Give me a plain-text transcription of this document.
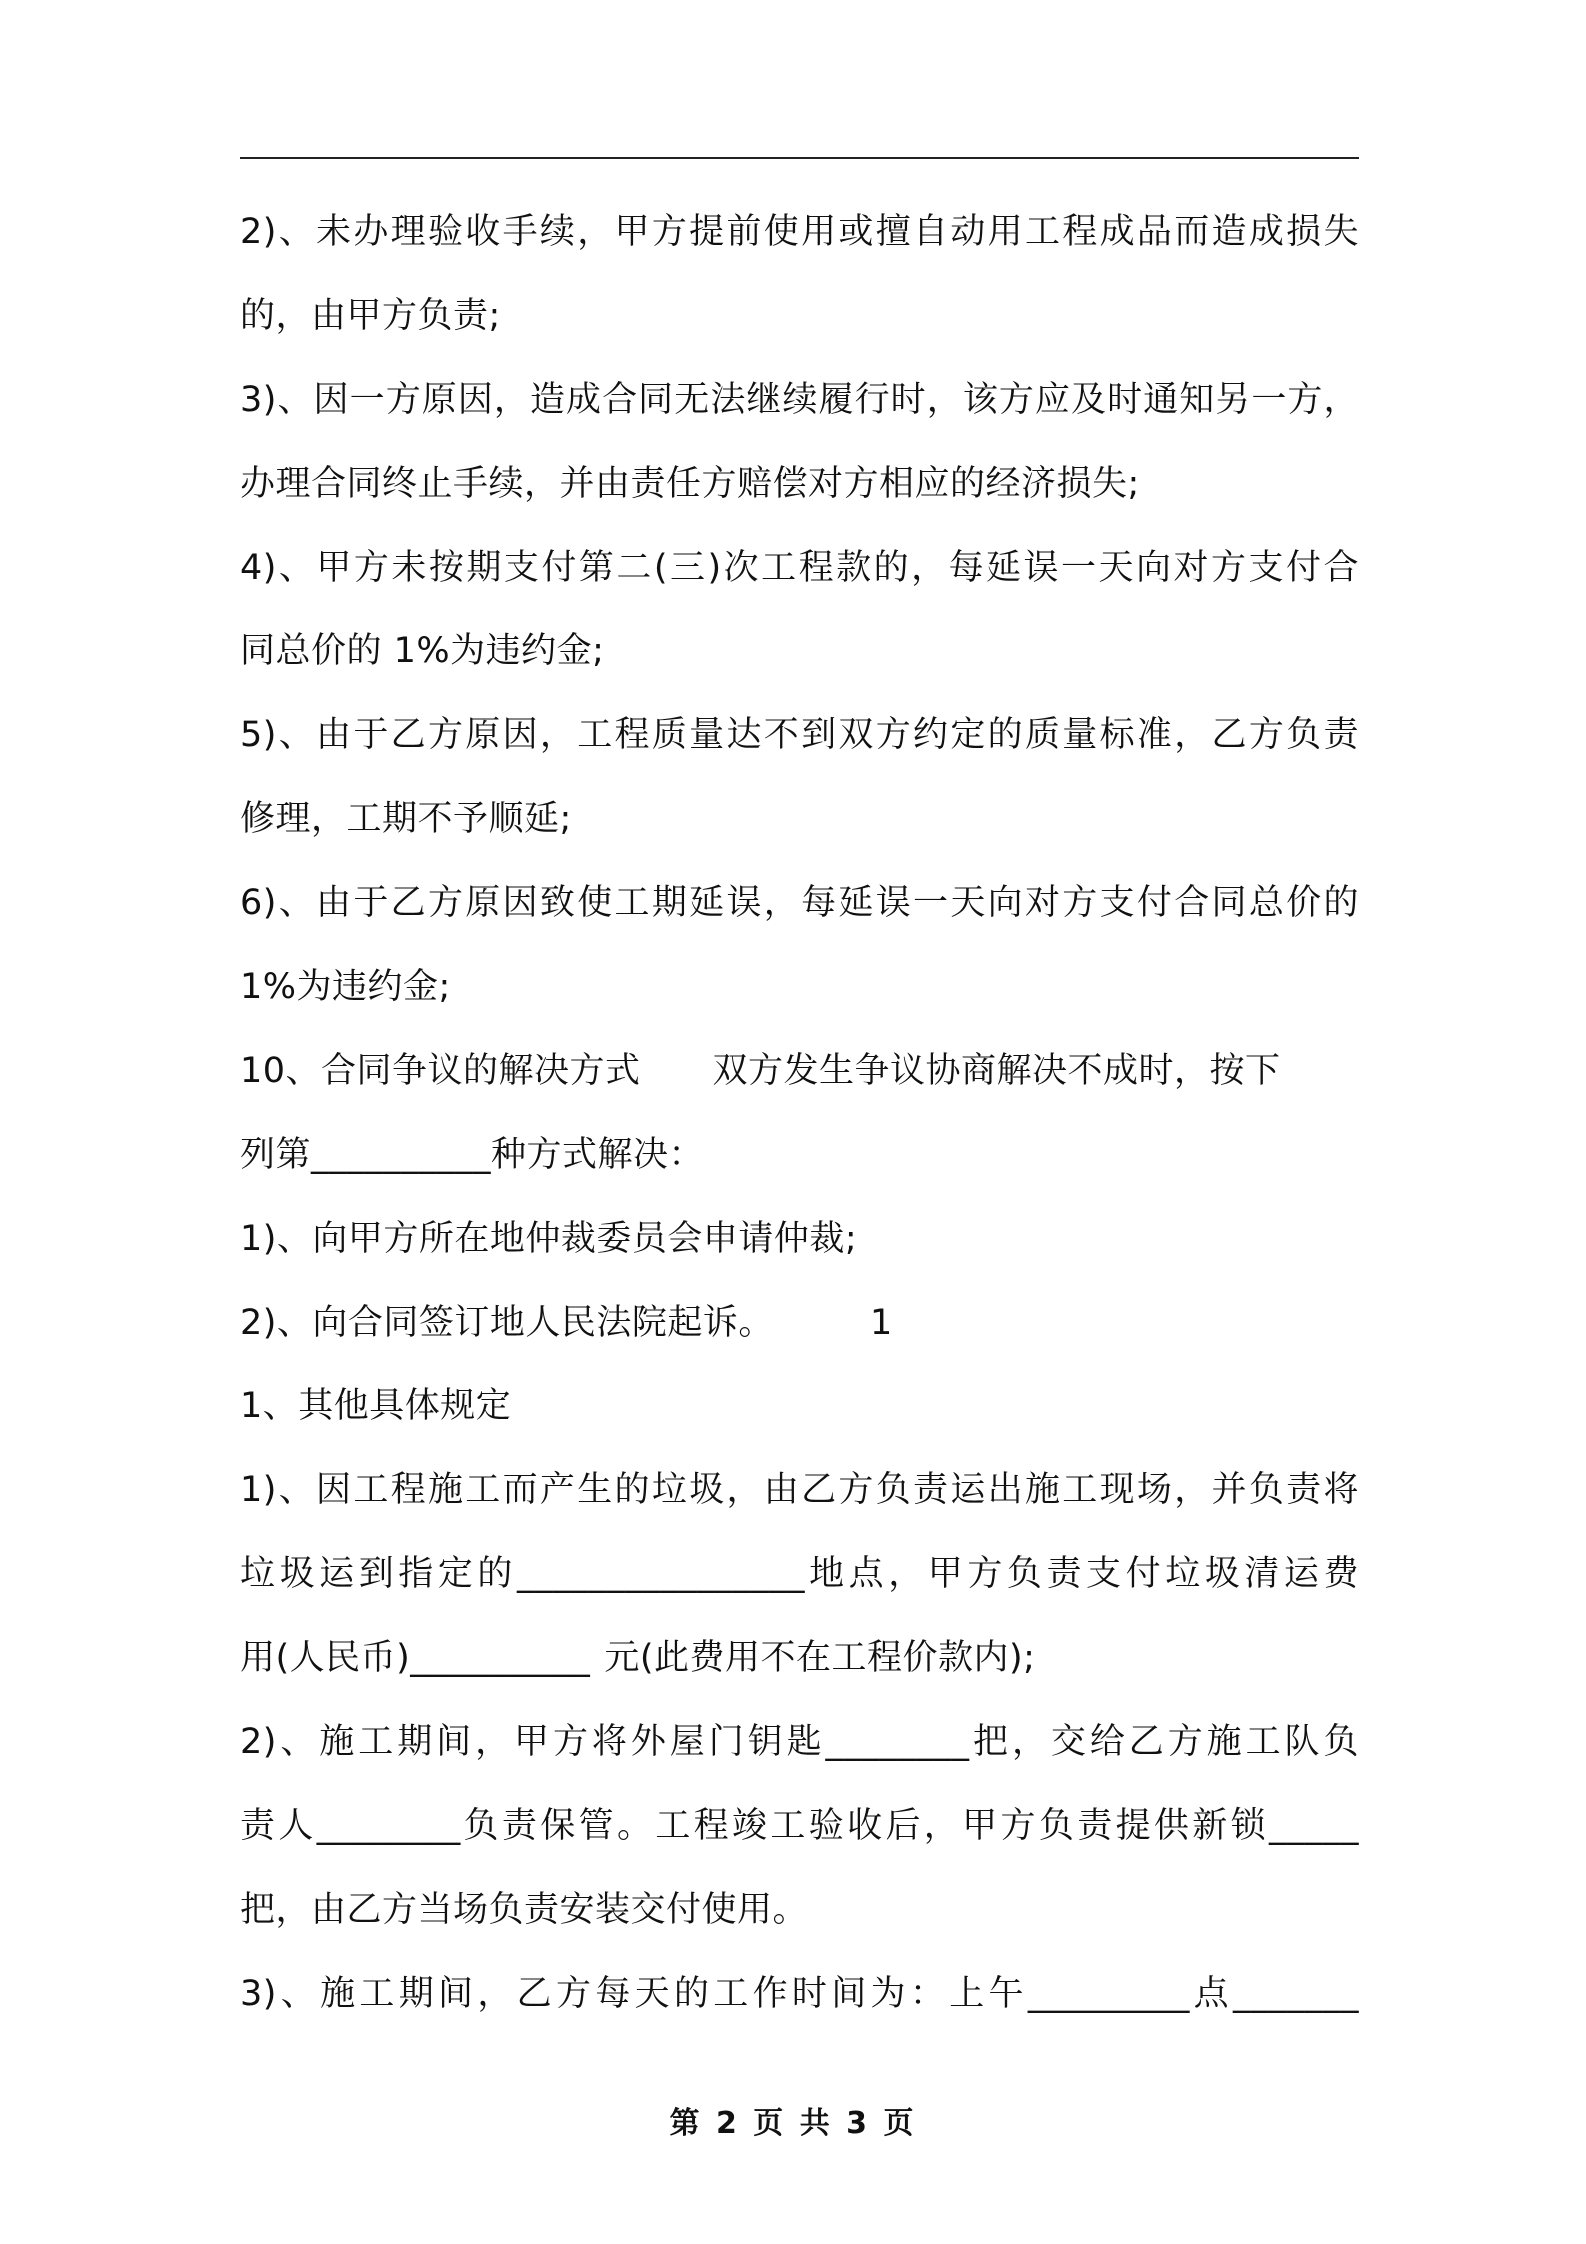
2)、未办理验收手续，甲方提前使用或擅自动用工程成品而造成损失
的，由甲方负责;
3)、因一方原因，造成合同无法继续履行时，该方应及时通知另一方，
办理合同终止手续，并由责任方赔偿对方相应的经济损失;
4)、甲方未按期支付第二(三)次工程款的，每延误一天向对方支付合
同总价的 1%为违约金;
5)、由于乙方原因，工程质量达不到双方约定的质量标准，乙方负责
修理，工期不予顺延;
6)、由于乙方原因致使工期延误，每延误一天向对方支付合同总价的
1%为违约金;
10、合同争议的解决方式 双方发生争议协商解决不成时，按下
列第__________种方式解决：
1)、向甲方所在地仲裁委员会申请仲裁;
2)、向合同签订地人民法院起诉。	1
1、其他具体规定
1)、因工程施工而产生的垃圾，由乙方负责运出施工现场，并负责将
垃圾运到指定的________________地点，甲方负责支付垃圾清运费
用(人民币)__________ 元(此费用不在工程价款内);
2)、施工期间，甲方将外屋门钥匙________把，交给乙方施工队负
责人________负责保管。工程竣工验收后，甲方负责提供新锁_____
把，由乙方当场负责安装交付使用。
3)、施工期间，乙方每天的工作时间为：上午_________点_______
第 2 页 共 3 页
